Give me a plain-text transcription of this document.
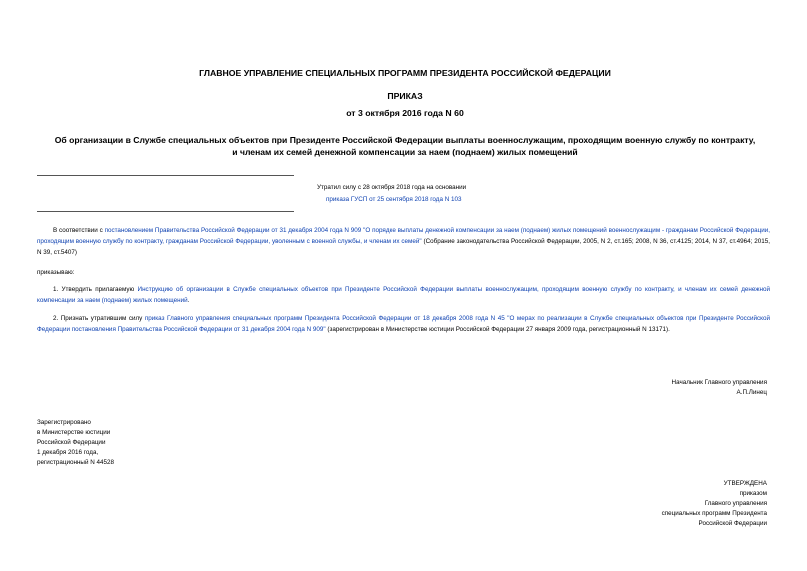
ГЛАВНОЕ УПРАВЛЕНИЕ СПЕЦИАЛЬНЫХ ПРОГРАММ ПРЕЗИДЕНТА РОССИЙСКОЙ ФЕДЕРАЦИИ
ПРИКАЗ
от 3 октября 2016 года N 60
Об организации в Службе специальных объектов при Президенте Российской Федерации выплаты военнослужащим, проходящим военную службу по контракту,
и членам их семей денежной компенсации за наем (поднаем) жилых помещений
Утратил силу с 28 октября 2018 года на основании
приказа ГУСП от 25 сентября 2018 года N 103
В соответствии с постановлением Правительства Российской Федерации от 31 декабря 2004 года N 909 "О порядке выплаты денежной компенсации за наем (поднаем) жилых помещений военнослужащим - гражданам Российской Федерации, проходящим военную службу по контракту, гражданам Российской Федерации, уволенным с военной службы, и членам их семей" (Собрание законодательства Российской Федерации, 2005, N 2, ст.165; 2008, N 36, ст.4125; 2014, N 37, ст.4964; 2015, N 39, ст.5407)
приказываю:
1. Утвердить прилагаемую Инструкцию об организации в Службе специальных объектов при Президенте Российской Федерации выплаты военнослужащим, проходящим военную службу по контракту, и членам их семей денежной компенсации за наем (поднаем) жилых помещений.
2. Признать утратившим силу приказ Главного управления специальных программ Президента Российской Федерации от 18 декабря 2008 года N 45 "О мерах по реализации в Службе специальных объектов при Президенте Российской Федерации постановления Правительства Российской Федерации от 31 декабря 2004 года N 909" (зарегистрирован в Министерстве юстиции Российской Федерации 27 января 2009 года, регистрационный N 13171).
Начальник Главного управления
А.П.Линец
Зарегистрировано
в Министерстве юстиции
Российской Федерации
1 декабря 2016 года,
регистрационный N 44528
УТВЕРЖДЕНА
приказом
Главного управления
специальных программ Президента
Российской Федерации
